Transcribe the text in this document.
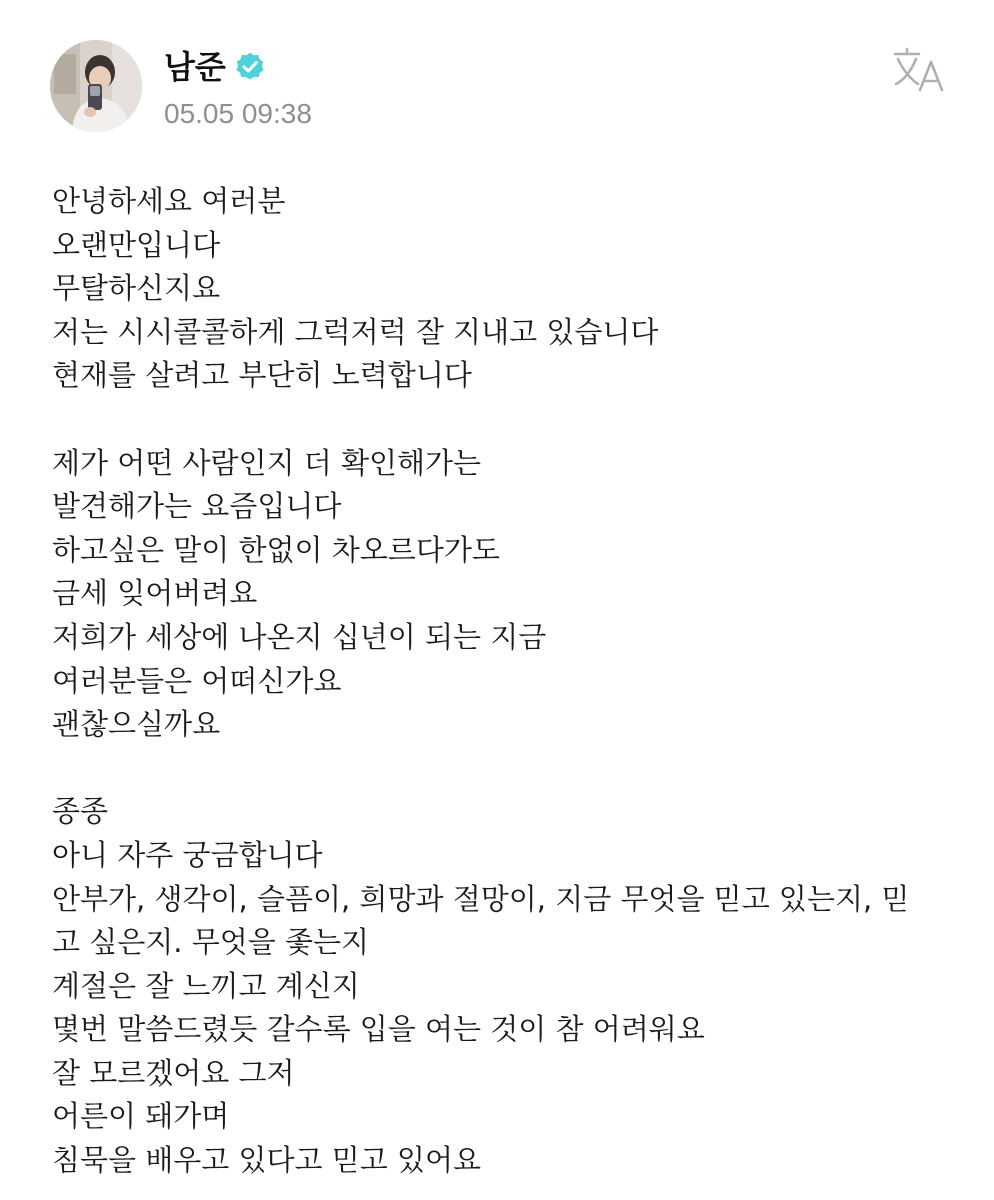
남준
05.05 09:38
안녕하세요 여러분
오랜만입니다
무탈하신지요
저는 시시콜콜하게 그럭저럭 잘 지내고 있습니다
현재를 살려고 부단히 노력합니다
제가 어떤 사람인지 더 확인해가는
발견해가는 요즘입니다
하고싶은 말이 한없이 차오르다가도
금세 잊어버려요
저희가 세상에 나온지 십년이 되는 지금
여러분들은 어떠신가요
괜찮으실까요
종종
아니 자주 궁금합니다
안부가, 생각이, 슬픔이, 희망과 절망이, 지금 무엇을 믿고 있는지, 믿
고 싶은지. 무엇을 좇는지
계절은 잘 느끼고 계신지
몇번 말씀드렸듯 갈수록 입을 여는 것이 참 어려워요
잘 모르겠어요 그저
어른이 돼가며
침묵을 배우고 있다고 믿고 있어요
